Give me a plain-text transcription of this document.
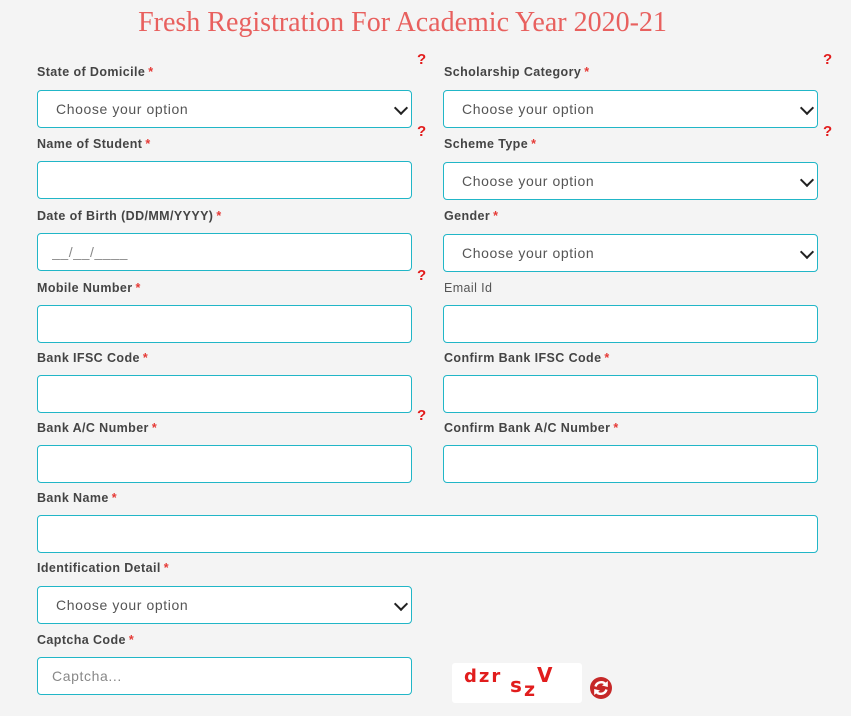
Fresh Registration For Academic Year 2020-21
State of Domicile *
?
Choose your option
Scholarship Category *
?
Choose your option
Name of Student *
?
Scheme Type *
?
Choose your option
Date of Birth (DD/MM/YYYY) *
__/__/____	Gender *
Choose your option
Mobile Number *
?
Email Id
Bank IFSC Code *	Confirm Bank IFSC Code *
Bank A/C Number *
?
Confirm Bank A/C Number *
Bank Name *
Identification Detail *
Choose your option
Captcha Code *
Captcha...
dzr s z
V
